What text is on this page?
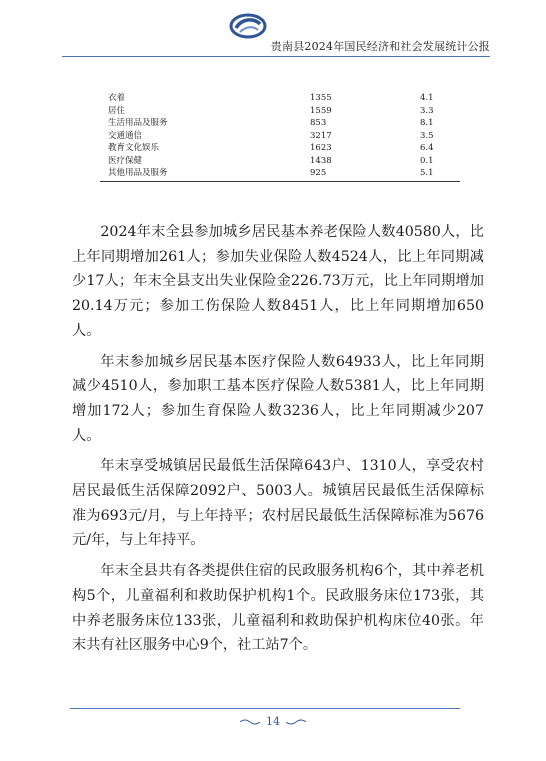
贵南县2024年国民经济和社会发展统计公报
衣着	1355	4.1
居住	1559	3.3
生活用品及服务	853	8.1
交通通信	3217	3.5
教育文化娱乐	1623	6.4
医疗保健	1438	0.1
其他用品及服务	925	5.1

2024年末全县参加城乡居民基本养老保险人数40580人，比上年同期增加261人；参加失业保险人数4524人，比上年同期减少17人；年末全县支出失业保险金226.73万元，比上年同期增加20.14万元；参加工伤保险人数8451人，比上年同期增加650人。

年末参加城乡居民基本医疗保险人数64933人，比上年同期减少4510人，参加职工基本医疗保险人数5381人，比上年同期增加172人；参加生育保险人数3236人，比上年同期减少207人。

年末享受城镇居民最低生活保障643户、1310人，享受农村居民最低生活保障2092户、5003人。城镇居民最低生活保障标准为693元/月，与上年持平；农村居民最低生活保障标准为5676元/年，与上年持平。

年末全县共有各类提供住宿的民政服务机构6个，其中养老机构5个，儿童福利和救助保护机构1个。民政服务床位173张，其中养老服务床位133张，儿童福利和救助保护机构床位40张。年末共有社区服务中心9个，社工站7个。

14
